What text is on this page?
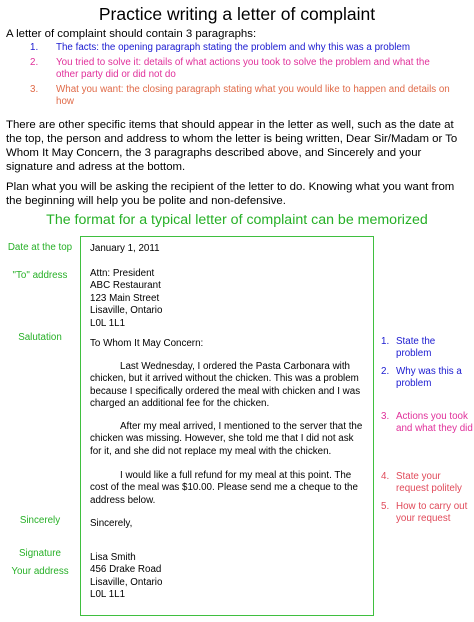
Practice writing a letter of complaint
A letter of complaint should contain 3 paragraphs:
1. The facts: the opening paragraph stating the problem and why this was a problem
2. You tried to solve it: details of what actions you took to solve the problem and what the other party did or did not do
3. What you want: the closing paragraph stating what you would like to happen and details on how
There are other specific items that should appear in the letter as well, such as the date at the top, the person and address to whom the letter is being written, Dear Sir/Madam or To Whom It May Concern, the 3 paragraphs described above, and Sincerely and your signature and adress at the bottom.
Plan what you will be asking the recipient of the letter to do. Knowing what you want from the beginning will help you be polite and non-defensive.
The format for a typical letter of complaint can be memorized
Date at the top
"To" address
Salutation
Sincerely
Signature
Your address
January 1, 2011
Attn: President
ABC Restaurant
123 Main Street
Lisaville, Ontario
L0L 1L1
To Whom It May Concern:
Last Wednesday, I ordered the Pasta Carbonara with chicken, but it arrived without the chicken. This was a problem because I specifically ordered the meal with chicken and I was charged an additional fee for the chicken.
After my meal arrived, I mentioned to the server that the chicken was missing. However, she told me that I did not ask for it, and she did not replace my meal with the chicken.
I would like a full refund for my meal at this point. The cost of the meal was $10.00. Please send me a cheque to the address below.
Sincerely,
Lisa Smith
456 Drake Road
Lisaville, Ontario
L0L 1L1
1. State the problem
2. Why was this a problem
3. Actions you took and what they did
4. State your request politely
5. How to carry out your request
